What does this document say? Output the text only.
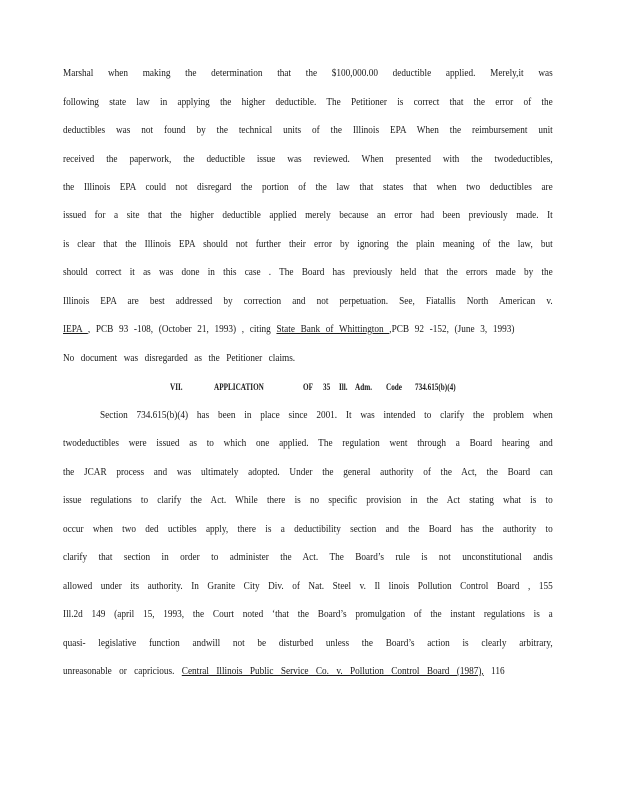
Marshal when making the determination that the $100,000.00 deductible applied. Merely,it was
following state law in applying the higher deductible. The Petitioner is correct that the error of the
deductibles was not found by the technical units of the Illinois EPA When the reimbursement unit
received the paperwork, the deductible issue was reviewed. When presented with the twodeductibles,
the Illinois EPA could not disregard the portion of the law that states that when two deductibles are
issued for a site that the higher deductible applied merely because an error had been previously made. It
is clear that the Illinois EPA should not further their error by ignoring the plain meaning of the law, but
should correct it as was done in this case . The Board has previously held that the errors made by the
Illinois EPA are best addressed by correction and not perpetuation. See, Fiatallis North American v.
IEPA , PCB 93 -108, (October 21, 1993) , citing State Bank of Whittington ,PCB 92 -152, (June 3, 1993)
No document was disregarded as the Petitioner claims.
VII.	APPLICATION	OF 35 Ill. Adm. Code 734.615(b)(4)
Section 734.615(b)(4) has been in place since 2001. It was intended to clarify the problem when
twodeductibles were issued as to which one applied. The regulation went through a Board hearing and
the JCAR process and was ultimately adopted. Under the general authority of the Act, the Board can
issue regulations to clarify the Act. While there is no specific provision in the Act stating what is to
occur when two ded uctibles apply, there is a deductibility section and the Board has the authority to
clarify that section in order to administer the Act. The Board’s rule is not unconstitutional andis
allowed under its authority. In Granite City Div. of Nat. Steel v. Il linois Pollution Control Board , 155
Ill.2d 149 (april 15, 1993, the Court noted ‘that the Board’s promulgation of the instant regulations is a
quasi- legislative function andwill not be disturbed unless the Board’s action is clearly arbitrary,
unreasonable or capricious. Central Illinois Public Service Co. v. Pollution Control Board (1987), 116
